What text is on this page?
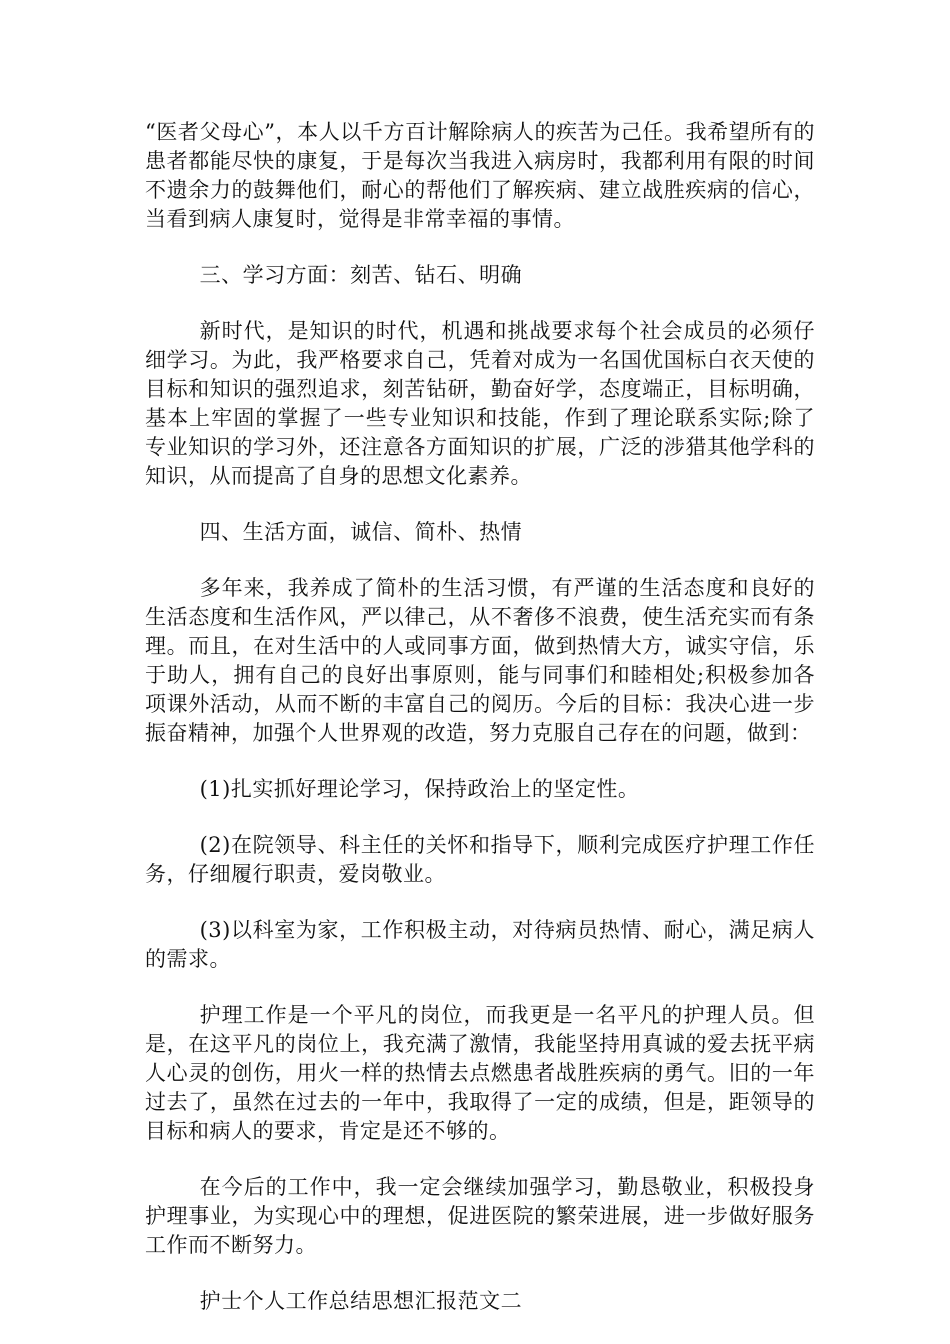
“医者父母心”，本人以千方百计解除病人的疾苦为己任。我希望所有的患者都能尽快的康复，于是每次当我进入病房时，我都利用有限的时间不遗余力的鼓舞他们，耐心的帮他们了解疾病、建立战胜疾病的信心，当看到病人康复时，觉得是非常幸福的事情。

三、学习方面：刻苦、钻石、明确

新时代，是知识的时代，机遇和挑战要求每个社会成员的必须仔细学习。为此，我严格要求自己，凭着对成为一名国优国标白衣天使的目标和知识的强烈追求，刻苦钻研，勤奋好学，态度端正，目标明确，基本上牢固的掌握了一些专业知识和技能，作到了理论联系实际;除了专业知识的学习外，还注意各方面知识的扩展，广泛的涉猎其他学科的知识，从而提高了自身的思想文化素养。

四、生活方面，诚信、简朴、热情

多年来，我养成了简朴的生活习惯，有严谨的生活态度和良好的生活态度和生活作风，严以律己，从不奢侈不浪费，使生活充实而有条理。而且，在对生活中的人或同事方面，做到热情大方，诚实守信，乐于助人，拥有自己的良好出事原则，能与同事们和睦相处;积极参加各项课外活动，从而不断的丰富自己的阅历。今后的目标：我决心进一步振奋精神，加强个人世界观的改造，努力克服自己存在的问题，做到：

(1)扎实抓好理论学习，保持政治上的坚定性。

(2)在院领导、科主任的关怀和指导下，顺利完成医疗护理工作任务，仔细履行职责，爱岗敬业。

(3)以科室为家，工作积极主动，对待病员热情、耐心，满足病人的需求。

护理工作是一个平凡的岗位，而我更是一名平凡的护理人员。但是，在这平凡的岗位上，我充满了激情，我能坚持用真诚的爱去抚平病人心灵的创伤，用火一样的热情去点燃患者战胜疾病的勇气。旧的一年过去了，虽然在过去的一年中，我取得了一定的成绩，但是，距领导的目标和病人的要求，肯定是还不够的。

在今后的工作中，我一定会继续加强学习，勤恳敬业，积极投身护理事业，为实现心中的理想，促进医院的繁荣进展，进一步做好服务工作而不断努力。

护士个人工作总结思想汇报范文二
